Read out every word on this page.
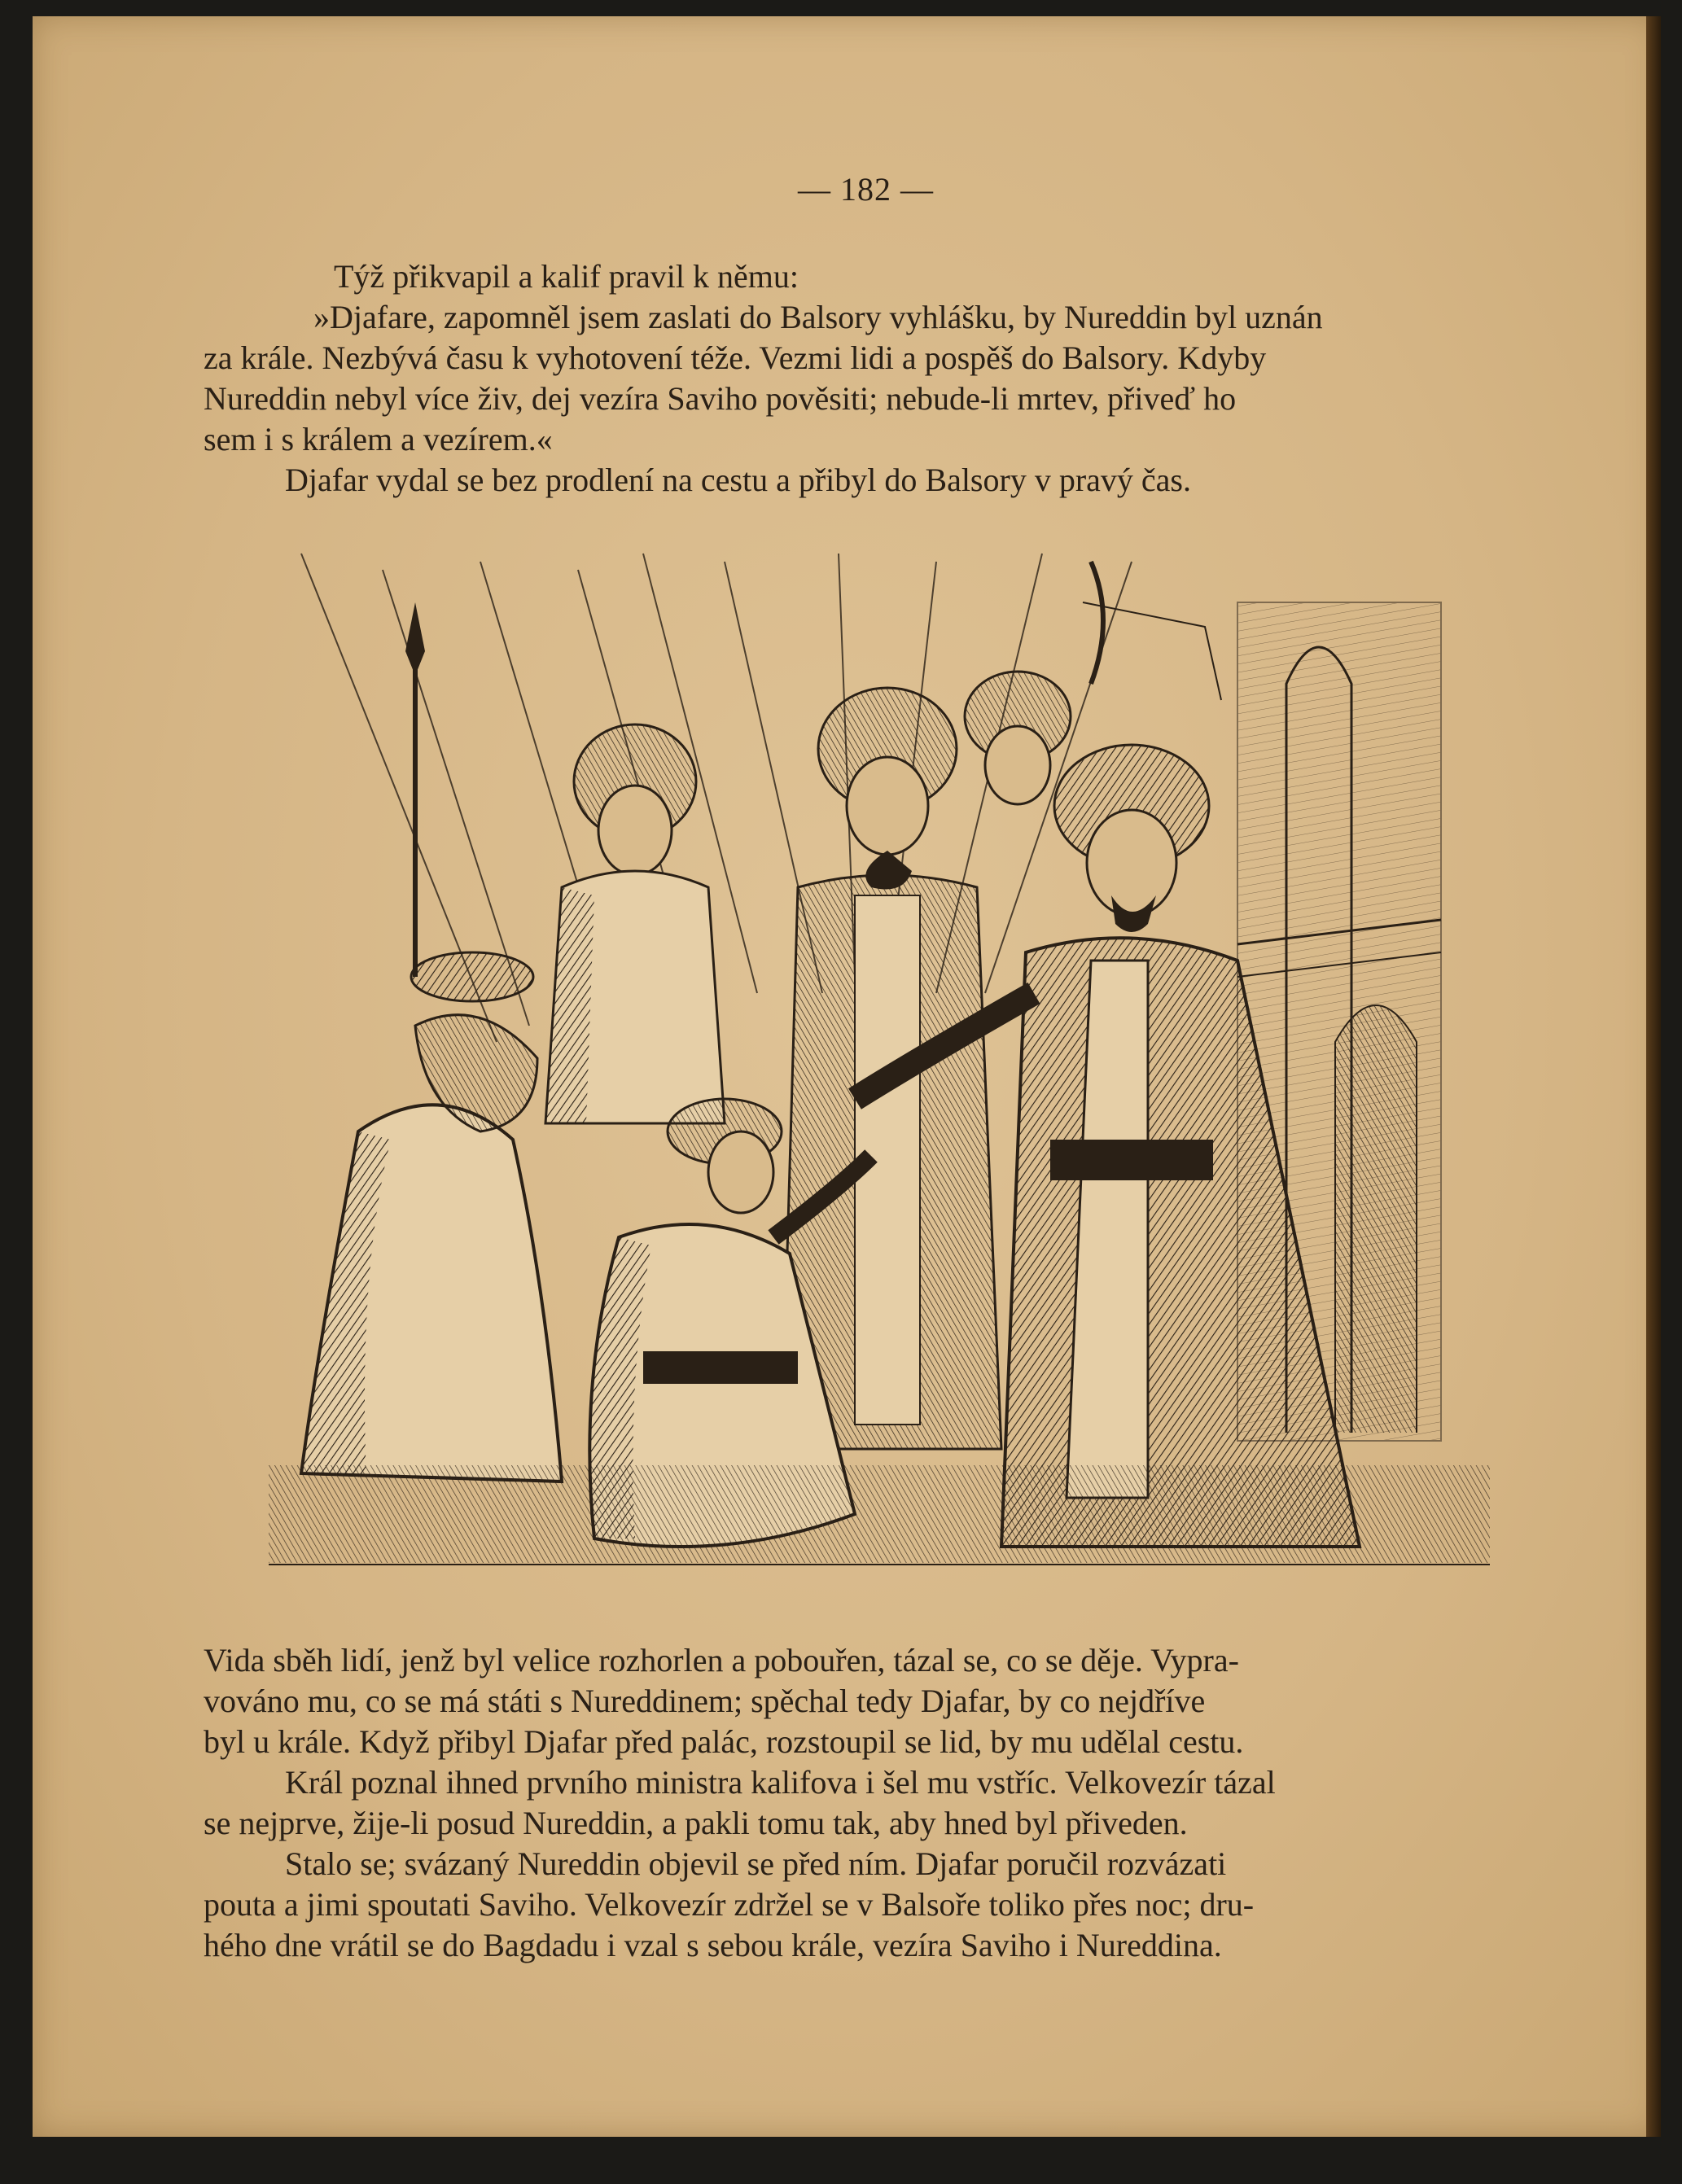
— 182 —
Týž přikvapil a kalif pravil k němu:
»Djafare, zapomněl jsem zaslati do Balsory vyhlášku, by Nureddin byl uznán
za krále. Nezbývá času k vyhotovení téže. Vezmi lidi a pospěš do Balsory. Kdyby
Nureddin nebyl více živ, dej vezíra Saviho pověsiti; nebude-li mrtev, přiveď ho
sem i s králem a vezírem.«
Djafar vydal se bez prodlení na cestu a přibyl do Balsory v pravý čas.
Vida sběh lidí, jenž byl velice rozhorlen a pobouřen, tázal se, co se děje. Vypra-
vováno mu, co se má státi s Nureddinem; spěchal tedy Djafar, by co nejdříve
byl u krále. Když přibyl Djafar před palác, rozstoupil se lid, by mu udělal cestu.
Král poznal ihned prvního ministra kalifova i šel mu vstříc. Velkovezír tázal
se nejprve, žije-li posud Nureddin, a pakli tomu tak, aby hned byl přiveden.
Stalo se; svázaný Nureddin objevil se před ním. Djafar poručil rozvázati
pouta a jimi spoutati Saviho. Velkovezír zdržel se v Balsoře toliko přes noc; dru-
hého dne vrátil se do Bagdadu i vzal s sebou krále, vezíra Saviho i Nureddina.
